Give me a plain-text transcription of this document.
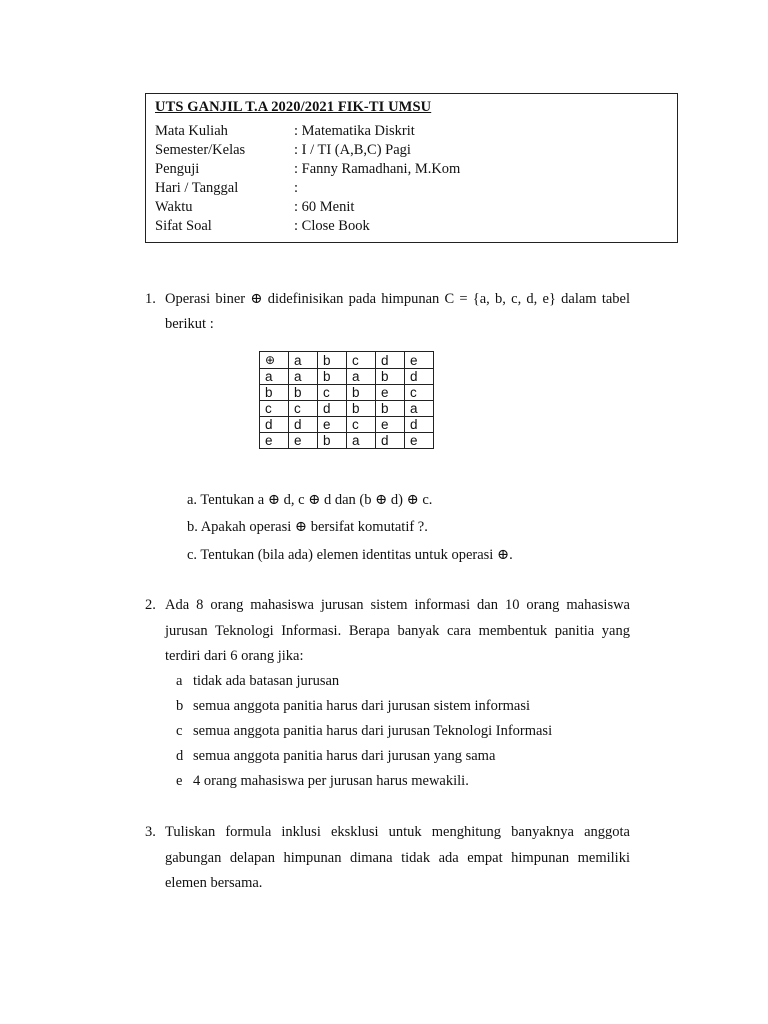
UTS GANJIL T.A 2020/2021 FIK-TI UMSU
Mata Kuliah	: Matematika Diskrit
Semester/Kelas	: I / TI (A,B,C) Pagi
Penguji	: Fanny Ramadhani, M.Kom
Hari / Tanggal	:
Waktu	: 60 Menit
Sifat Soal	: Close Book
1. Operasi biner ⊕ didefinisikan pada himpunan C = {a, b, c, d, e} dalam tabel
berikut :
⊕	a	b	c	d	e
a	a	b	a	b	d
b	b	c	b	e	c
c	c	d	b	b	a
d	d	e	c	e	d
e	e	b	a	d	e
a. Tentukan a ⊕ d, c ⊕ d dan (b ⊕ d) ⊕ c.
b. Apakah operasi ⊕ bersifat komutatif ?.
c. Tentukan (bila ada) elemen identitas untuk operasi ⊕.
2. Ada 8 orang mahasiswa jurusan sistem informasi dan 10 orang mahasiswa
jurusan Teknologi Informasi. Berapa banyak cara membentuk panitia yang
terdiri dari 6 orang jika:
a tidak ada batasan jurusan
b semua anggota panitia harus dari jurusan sistem informasi
c semua anggota panitia harus dari jurusan Teknologi Informasi
d semua anggota panitia harus dari jurusan yang sama
e 4 orang mahasiswa per jurusan harus mewakili.
3. Tuliskan formula inklusi eksklusi untuk menghitung banyaknya anggota
gabungan delapan himpunan dimana tidak ada empat himpunan memiliki
elemen bersama.
